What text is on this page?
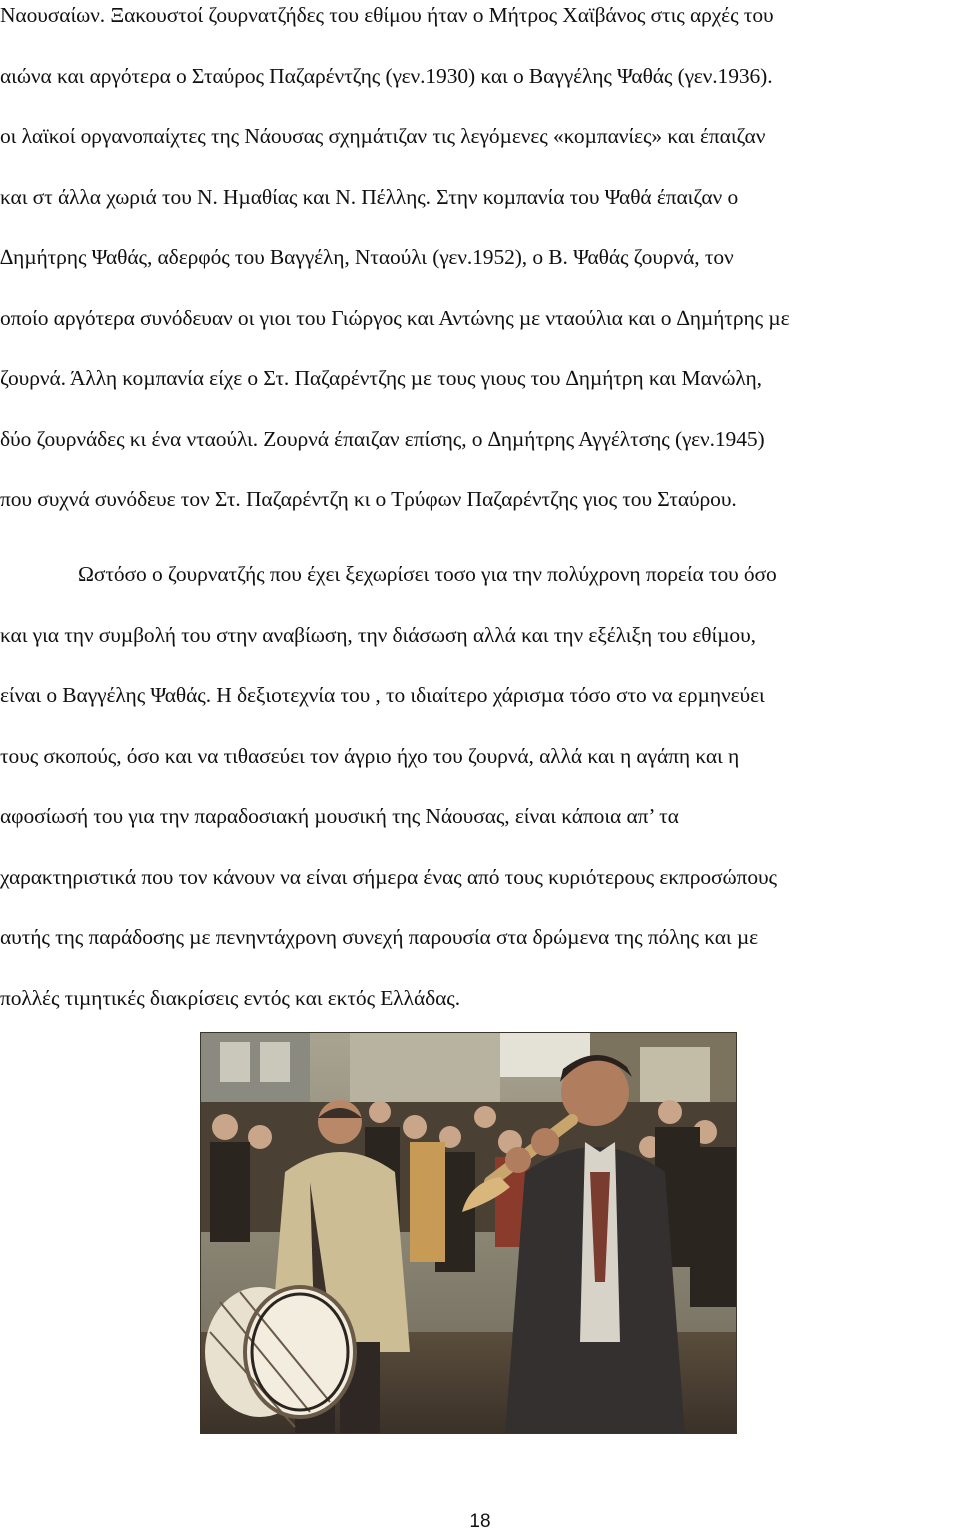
Ναουσαίων. Ξακουστοί ζουρνατζήδες του εθίμου ήταν ο Μήτρος Χαϊβάνος στις αρχές του
αιώνα και αργότερα ο Σταύρος Παζαρέντζης (γεν.1930) και ο Βαγγέλης Ψαθάς (γεν.1936).
οι λαϊκοί οργανοπαίχτες της Νάουσας σχηµάτιζαν τις λεγόµενες «κοµπανίες» και έπαιζαν
και στ άλλα χωριά του Ν. Ηµαθίας και Ν. Πέλλης. Στην κοµπανία του Ψαθά έπαιζαν ο
∆ηµήτρης Ψαθάς, αδερφός του Βαγγέλη, Νταούλι (γεν.1952), ο Β. Ψαθάς ζουρνά, τον
οποίο αργότερα συνόδευαν οι γιοι του Γιώργος και Αντώνης µε νταούλια και ο ∆ηµήτρης µε
ζουρνά. Άλλη κοµπανία είχε ο Στ. Παζαρέντζης µε τους γιους του ∆ηµήτρη και Μανώλη,
δύο ζουρνάδες κι ένα νταούλι. Ζουρνά έπαιζαν επίσης, ο ∆ηµήτρης Αγγέλτσης (γεν.1945)
που συχνά συνόδευε τον Στ. Παζαρέντζη κι ο Τρύφων Παζαρέντζης γιος του Σταύρου.
Ωστόσο ο ζουρνατζής που έχει ξεχωρίσει τοσο για την πολύχρονη πορεία του όσο
και για την συµβολή του στην αναβίωση, την διάσωση αλλά και την εξέλιξη του εθίµου,
είναι ο Βαγγέλης Ψαθάς. Η δεξιοτεχνία του , το ιδιαίτερο χάρισµα τόσο στο να ερµηνεύει
τους σκοπούς, όσο και να τιθασεύει τον άγριο ήχο του ζουρνά, αλλά και η αγάπη και η
αφοσίωσή του για την παραδοσιακή µουσική της Νάουσας, είναι κάποια απ’ τα
χαρακτηριστικά που τον κάνουν να είναι σήµερα ένας από τους κυριότερους εκπροσώπους
αυτής της παράδοσης µε πενηντάχρονη συνεχή παρουσία στα δρώµενα της πόλης και µε
πολλές τιµητικές διακρίσεις εντός και εκτός Ελλάδας.
18
